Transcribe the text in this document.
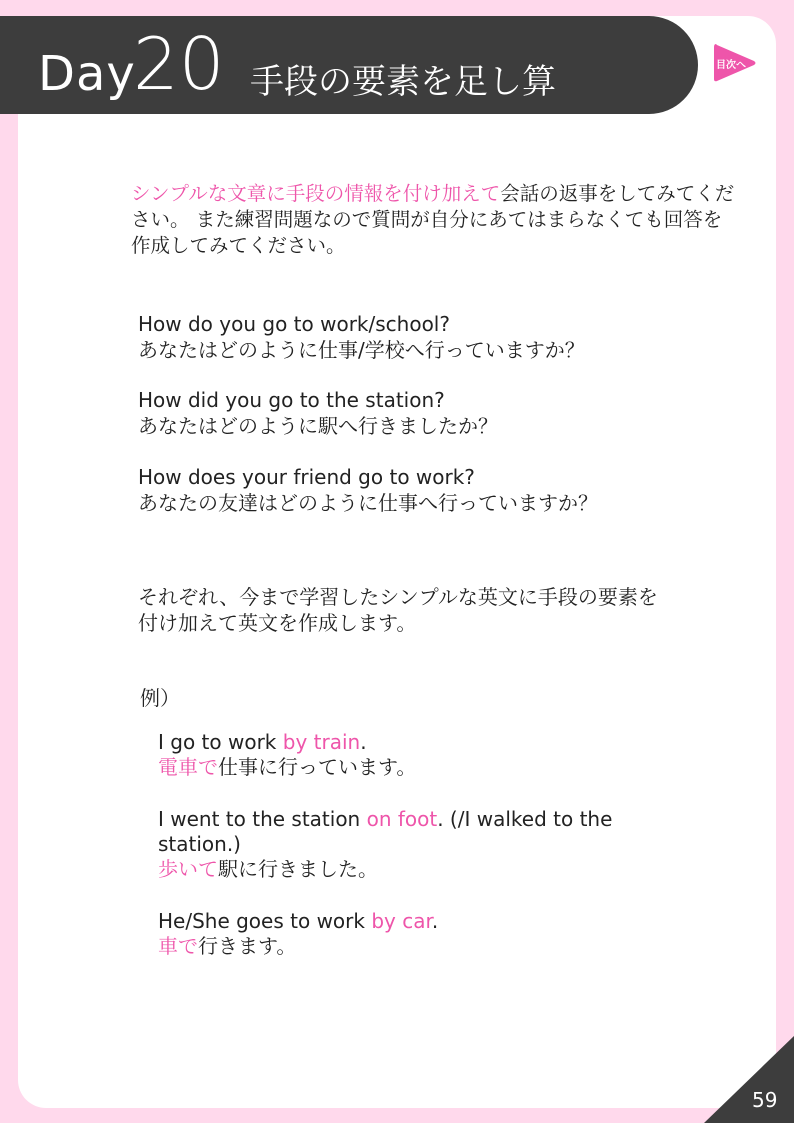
Day
20 手段の要素を足し算	目次へ
シンプルな文章に手段の情報を付け加えて会話の返事をしてみてください。 また練習問題なので質問が自分にあてはまらなくても回答を作成してみてください。
How do you go to work/school?
あなたはどのように仕事/学校へ行っていますか？
How did you go to the station?
あなたはどのように駅へ行きましたか？
How does your friend go to work?
あなたの友達はどのように仕事へ行っていますか？
それぞれ、今まで学習したシンプルな英文に手段の要素を
付け加えて英文を作成します。
例）
I go to work by train.
電車で仕事に行っています。
I went to the station on foot. (/I walked to the
station.)
歩いて駅に行きました。
He/She goes to work by car.
車で行きます。
59
